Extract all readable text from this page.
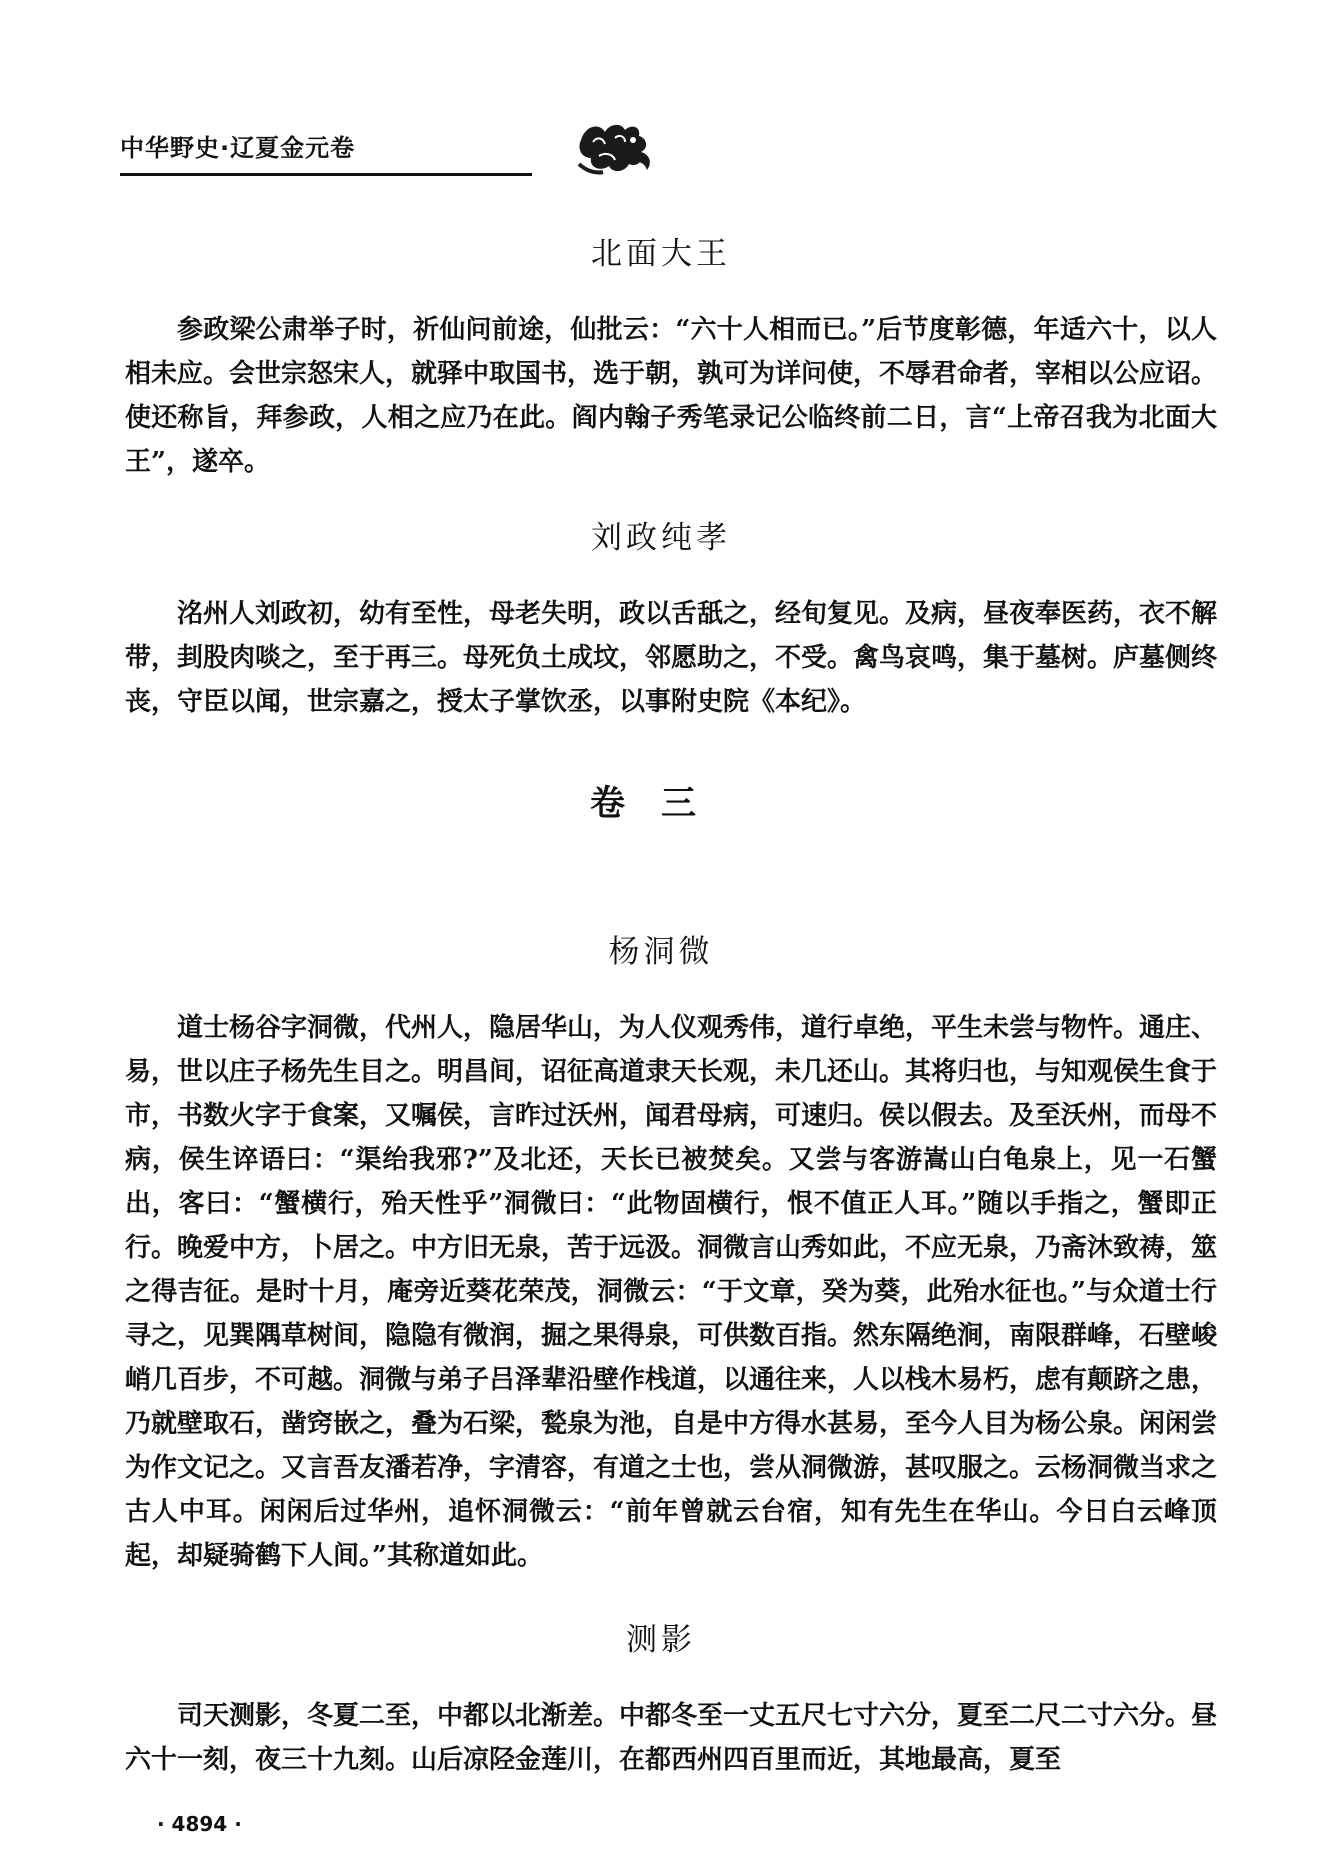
中华野史·辽夏金元卷
北面大王

参政梁公肃举子时，祈仙问前途，仙批云：“六十人相而已。”后节度彰德，年适六十，以人相未应。会世宗怒宋人，就驿中取国书，选于朝，孰可为详问使，不辱君命者，宰相以公应诏。使还称旨，拜参政，人相之应乃在此。阎内翰子秀笔录记公临终前二日，言“上帝召我为北面大王”，遂卒。

刘政纯孝

洺州人刘政初，幼有至性，母老失明，政以舌舐之，经旬复见。及病，昼夜奉医药，衣不解带，刲股肉啖之，至于再三。母死负土成坟，邻愿助之，不受。禽鸟哀鸣，集于墓树。庐墓侧终丧，守臣以闻，世宗嘉之，授太子掌饮丞，以事附史院《本纪》。

卷三
杨洞微

道士杨谷字洞微，代州人，隐居华山，为人仪观秀伟，道行卓绝，平生未尝与物忤。通庄、易，世以庄子杨先生目之。明昌间，诏征高道隶天长观，未几还山。其将归也，与知观侯生食于市，书数火字于食案，又嘱侯，言昨过沃州，闻君母病，可速归。侯以假去。及至沃州，而母不病，侯生谇语曰：“渠绐我邪?”及北还，天长已被焚矣。又尝与客游嵩山白龟泉上，见一石蟹出，客曰：“蟹横行，殆天性乎”洞微曰：“此物固横行，恨不值正人耳。”随以手指之，蟹即正行。晚爱中方，卜居之。中方旧无泉，苦于远汲。洞微言山秀如此，不应无泉，乃斋沐致祷，筮之得吉征。是时十月，庵旁近葵花荣茂，洞微云：“于文章，癸为葵，此殆水征也。”与众道士行寻之，见巽隅草树间，隐隐有微润，掘之果得泉，可供数百指。然东隔绝涧，南限群峰，石壁峻峭几百步，不可越。洞微与弟子吕泽辈沿壁作栈道，以通往来，人以栈木易朽，虑有颠跻之患，乃就壁取石，凿窍嵌之，叠为石梁，甃泉为池，自是中方得水甚易，至今人目为杨公泉。闲闲尝为作文记之。又言吾友潘若净，字清容，有道之士也，尝从洞微游，甚叹服之。云杨洞微当求之古人中耳。闲闲后过华州，追怀洞微云：“前年曾就云台宿，知有先生在华山。今日白云峰顶起，却疑骑鹤下人间。”其称道如此。

测影

司天测影，冬夏二至，中都以北渐差。中都冬至一丈五尺七寸六分，夏至二尺二寸六分。昼六十一刻，夜三十九刻。山后凉陉金莲川，在都西州四百里而近，其地最高，夏至

· 4894 ·
